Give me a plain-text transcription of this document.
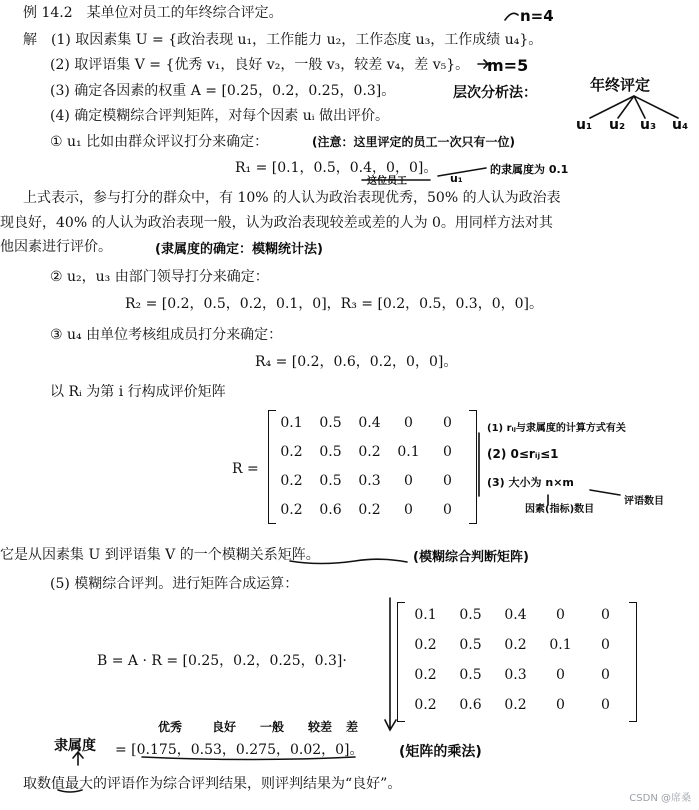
例 14.2　某单位对员工的年终综合评定。
解　(1) 取因素集 U = {政治表现 u₁，工作能力 u₂，工作态度 u₃，工作成绩 u₄}。
(2) 取评语集 V = {优秀 v₁，良好 v₂，一般 v₃，较差 v₄，差 v₅}。
(3) 确定各因素的权重 A = [0.25，0.2，0.25，0.3]。
(4) 确定模糊综合评判矩阵，对每个因素 uᵢ 做出评价。
① u₁ 比如由群众评议打分来确定：
R₁ = [0.1，0.5，0.4，0，0]。
上式表示，参与打分的群众中，有 10% 的人认为政治表现优秀，50% 的人认为政治表
现良好，40% 的人认为政治表现一般，认为政治表现较差或差的人为 0。用同样方法对其
他因素进行评价。
② u₂，u₃ 由部门领导打分来确定：
R₂ = [0.2，0.5，0.2，0.1，0]，R₃ = [0.2，0.5，0.3，0，0]。
③ u₄ 由单位考核组成员打分来确定：
R₄ = [0.2，0.6，0.2，0，0]。
以 Rᵢ 为第 i 行构成评价矩阵
R =
0.1	0.5	0.4	0	0
0.2	0.5	0.2	0.1	0
0.2	0.5	0.3	0	0
0.2	0.6	0.2	0	0
它是从因素集 U 到评语集 V 的一个模糊关系矩阵。
(5) 模糊综合评判。进行矩阵合成运算：
B = A · R = [0.25，0.2，0.25，0.3]·
0.1	0.5	0.4	0	0
0.2	0.5	0.2	0.1	0
0.2	0.5	0.3	0	0
0.2	0.6	0.2	0	0
= [0.175，0.53，0.275，0.02，0]。
取数值最大的评语作为综合评判结果，则评判结果为“良好”。
n=4
m=5
层次分析法：	年终评定
u₁ u₂ u₃ u₄
(注意：这里评定的员工一次只有一位)
这位员工	u₁
的隶属度为 0.1
(隶属度的确定：模糊统计法)
(1) rᵢⱼ与隶属度的计算方式有关
(2) 0≤rᵢⱼ≤1
(3) 大小为 n×m
评语数目
因素(指标)数目
(模糊综合判断矩阵)
优秀 良好 一般 较差 差
隶属度	(矩阵的乘法)
CSDN @席桑
